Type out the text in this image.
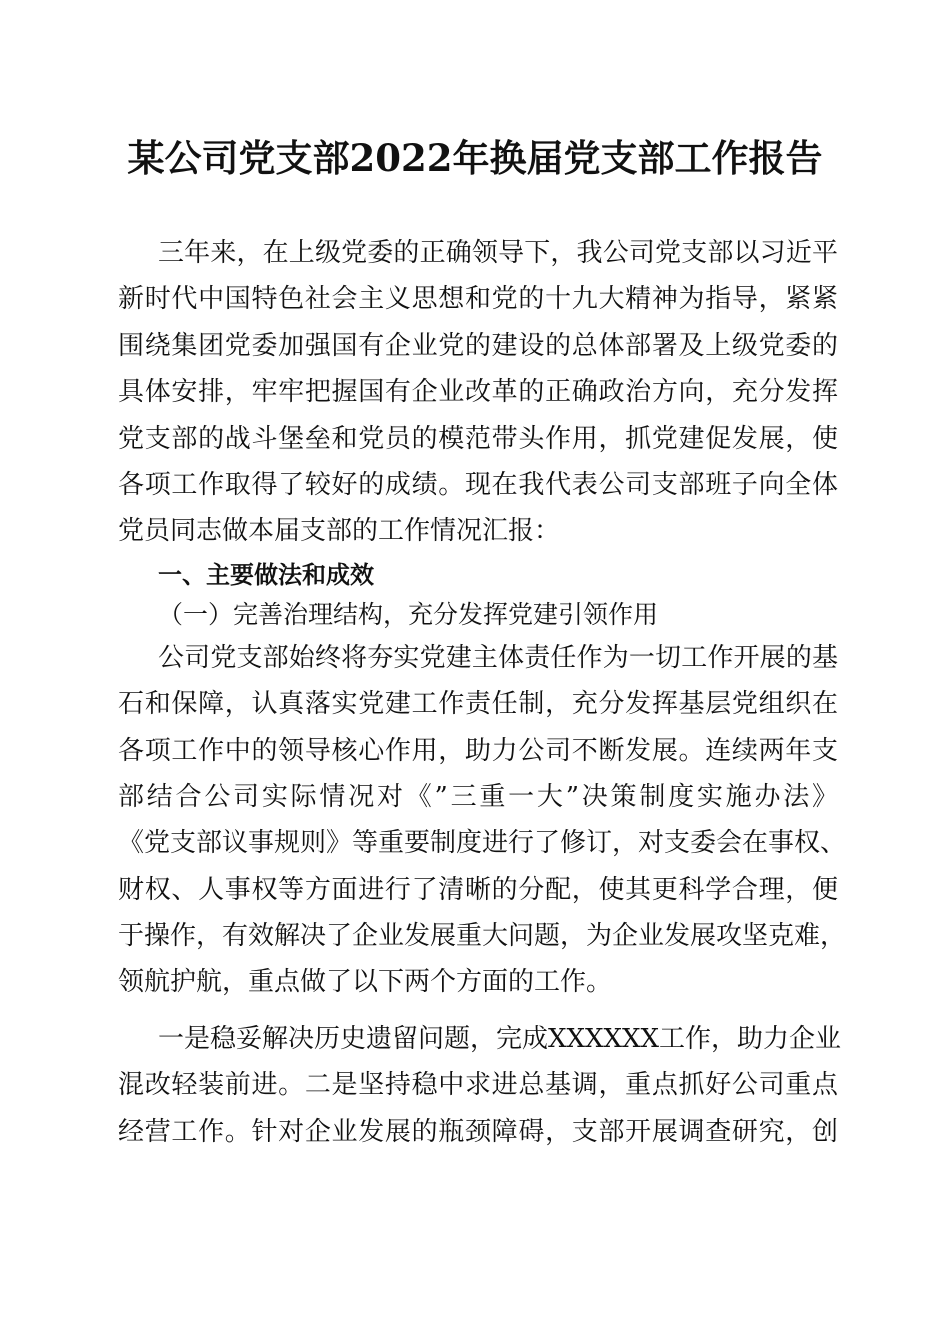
某公司党支部2022年换届党支部工作报告
三年来，在上级党委的正确领导下，我公司党支部以习近平
新时代中国特色社会主义思想和党的十九大精神为指导，紧紧
围绕集团党委加强国有企业党的建设的总体部署及上级党委的
具体安排，牢牢把握国有企业改革的正确政治方向，充分发挥
党支部的战斗堡垒和党员的模范带头作用，抓党建促发展，使
各项工作取得了较好的成绩。现在我代表公司支部班子向全体
党员同志做本届支部的工作情况汇报：
一、主要做法和成效
（一）完善治理结构，充分发挥党建引领作用
公司党支部始终将夯实党建主体责任作为一切工作开展的基
石和保障，认真落实党建工作责任制，充分发挥基层党组织在
各项工作中的领导核心作用，助力公司不断发展。连续两年支
部结合公司实际情况对《”三重一大”决策制度实施办法》
《党支部议事规则》等重要制度进行了修订，对支委会在事权、
财权、人事权等方面进行了清晰的分配，使其更科学合理，便
于操作，有效解决了企业发展重大问题，为企业发展攻坚克难，
领航护航，重点做了以下两个方面的工作。
一是稳妥解决历史遗留问题，完成XXXXXX工作，助力企业
混改轻装前进。二是坚持稳中求进总基调，重点抓好公司重点
经营工作。针对企业发展的瓶颈障碍，支部开展调查研究，创
